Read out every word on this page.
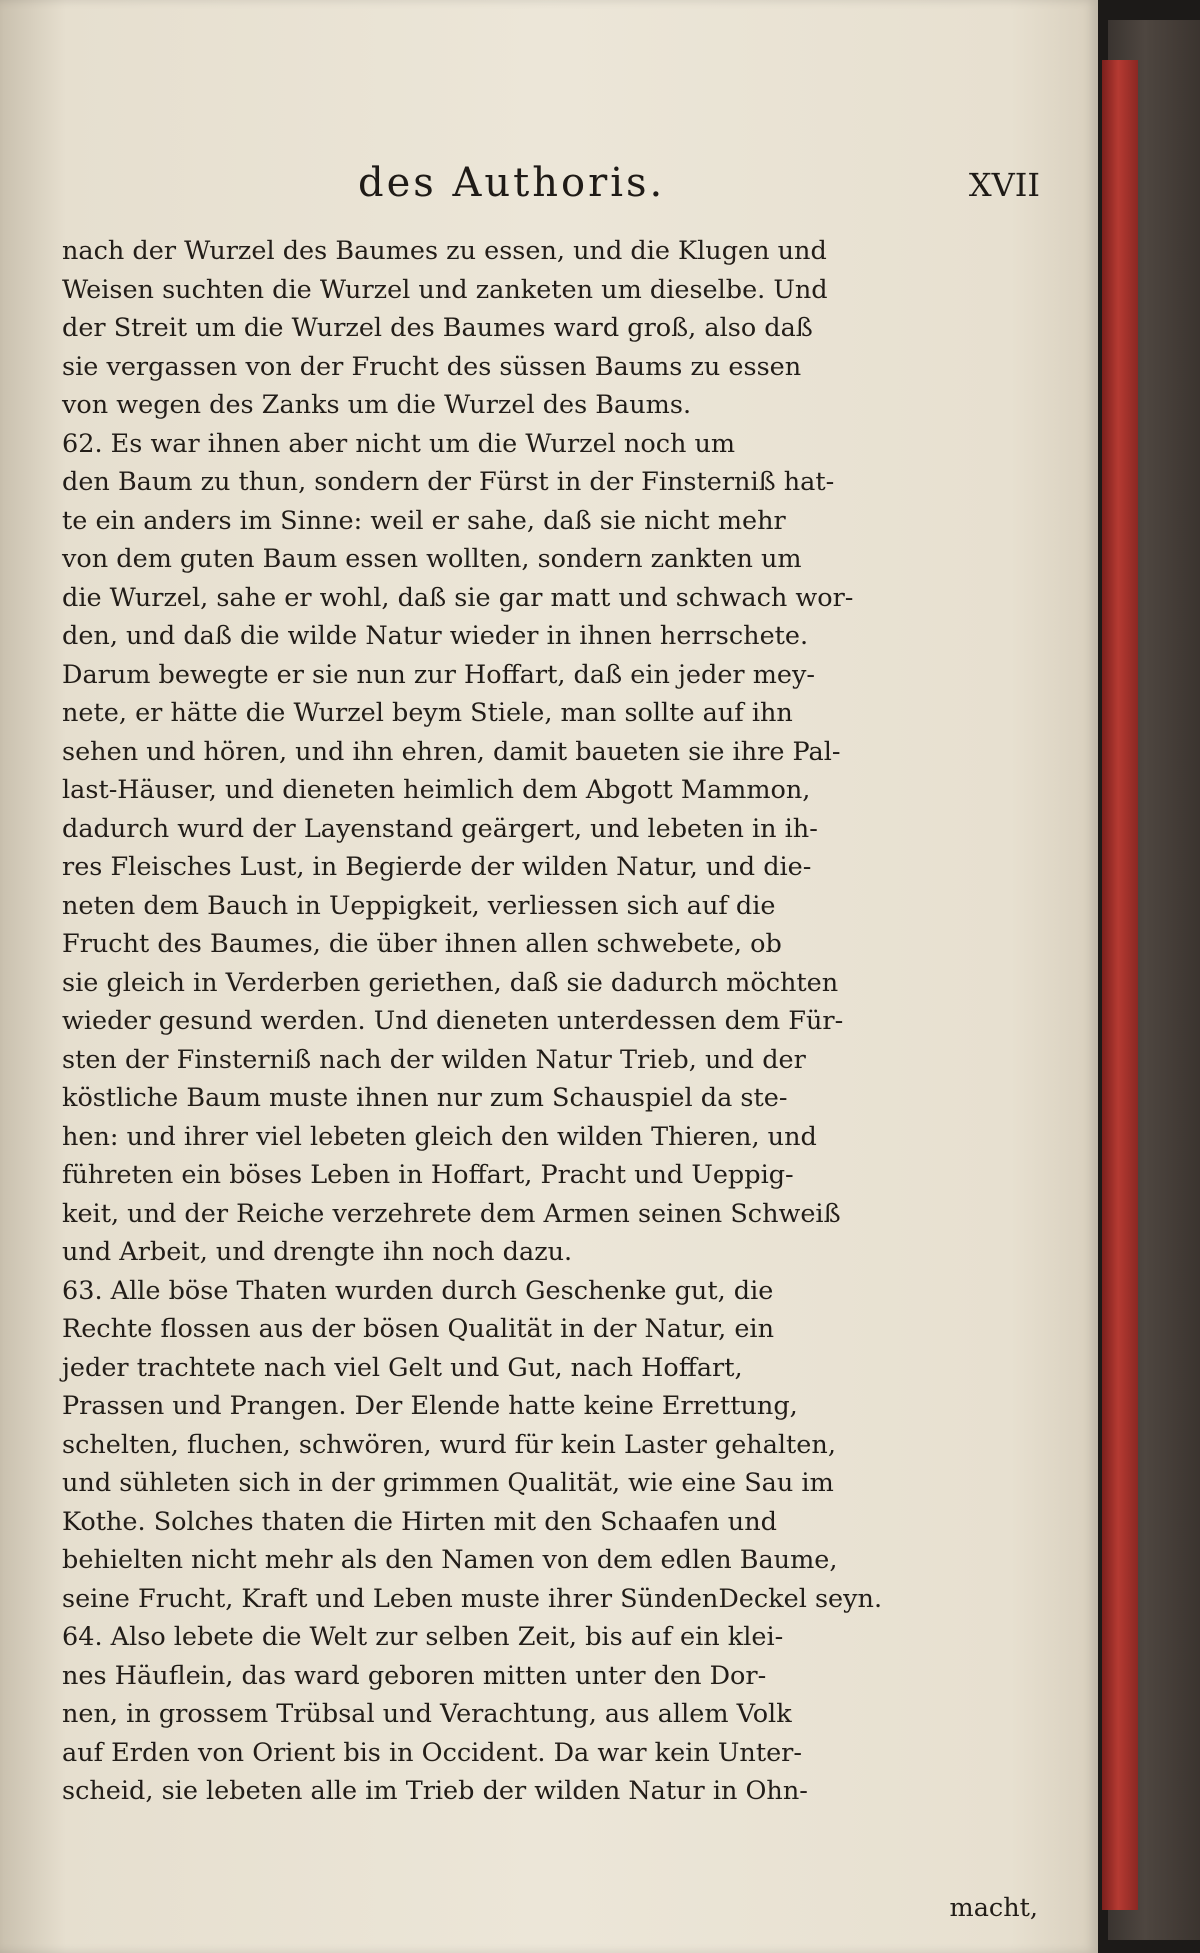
des Authoris.	XVII
nach der Wurzel des Baumes zu essen, und die Klugen und
Weisen suchten die Wurzel und zanketen um dieselbe. Und
der Streit um die Wurzel des Baumes ward groß, also daß
sie vergassen von der Frucht des süssen Baums zu essen
von wegen des Zanks um die Wurzel des Baums.
62. Es war ihnen aber nicht um die Wurzel noch um
den Baum zu thun, sondern der Fürst in der Finsterniß hat-
te ein anders im Sinne: weil er sahe, daß sie nicht mehr
von dem guten Baum essen wollten, sondern zankten um
die Wurzel, sahe er wohl, daß sie gar matt und schwach wor-
den, und daß die wilde Natur wieder in ihnen herrschete.
Darum bewegte er sie nun zur Hoffart, daß ein jeder mey-
nete, er hätte die Wurzel beym Stiele, man sollte auf ihn
sehen und hören, und ihn ehren, damit baueten sie ihre Pal-
last-Häuser, und dieneten heimlich dem Abgott Mammon,
dadurch wurd der Layenstand geärgert, und lebeten in ih-
res Fleisches Lust, in Begierde der wilden Natur, und die-
neten dem Bauch in Ueppigkeit, verliessen sich auf die
Frucht des Baumes, die über ihnen allen schwebete, ob
sie gleich in Verderben geriethen, daß sie dadurch möchten
wieder gesund werden. Und dieneten unterdessen dem Für-
sten der Finsterniß nach der wilden Natur Trieb, und der
köstliche Baum muste ihnen nur zum Schauspiel da ste-
hen: und ihrer viel lebeten gleich den wilden Thieren, und
führeten ein böses Leben in Hoffart, Pracht und Ueppig-
keit, und der Reiche verzehrete dem Armen seinen Schweiß
und Arbeit, und drengte ihn noch dazu.
63. Alle böse Thaten wurden durch Geschenke gut, die
Rechte flossen aus der bösen Qualität in der Natur, ein
jeder trachtete nach viel Gelt und Gut, nach Hoffart,
Prassen und Prangen. Der Elende hatte keine Errettung,
schelten, fluchen, schwören, wurd für kein Laster gehalten,
und sühleten sich in der grimmen Qualität, wie eine Sau im
Kothe. Solches thaten die Hirten mit den Schaafen und
behielten nicht mehr als den Namen von dem edlen Baume,
seine Frucht, Kraft und Leben muste ihrer SündenDeckel seyn.
64. Also lebete die Welt zur selben Zeit, bis auf ein klei-
nes Häuflein, das ward geboren mitten unter den Dor-
nen, in grossem Trübsal und Verachtung, aus allem Volk
auf Erden von Orient bis in Occident. Da war kein Unter-
scheid, sie lebeten alle im Trieb der wilden Natur in Ohn-
macht,
